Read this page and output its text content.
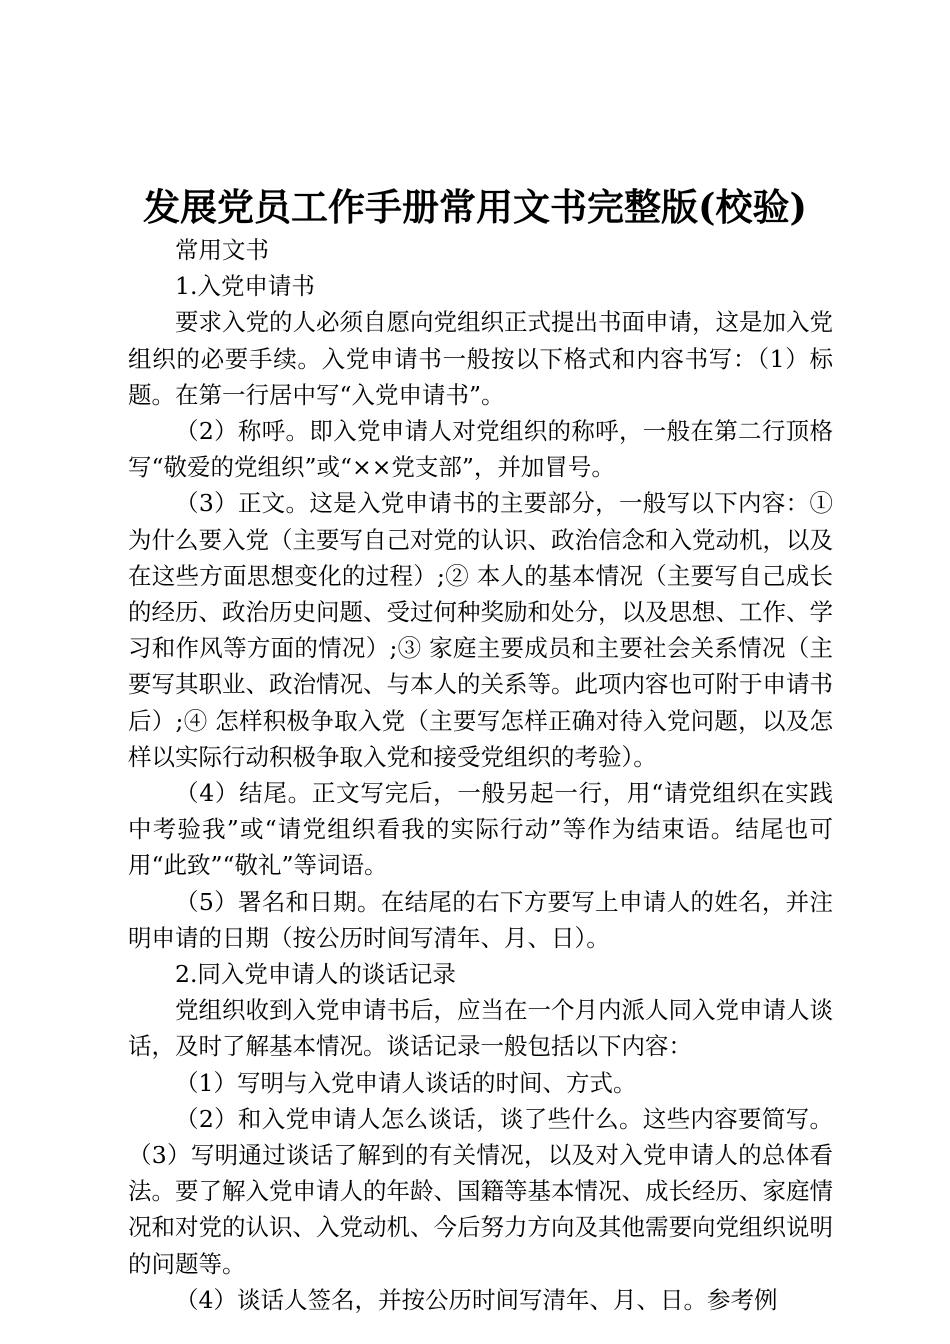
发展党员工作手册常用文书完整版(校验)

常用文书

1.入党申请书

要求入党的人必须自愿向党组织正式提出书面申请，这是加入党组织的必要手续。入党申请书一般按以下格式和内容书写：（1）标题。在第一行居中写“入党申请书”。

（2）称呼。即入党申请人对党组织的称呼，一般在第二行顶格写“敬爱的党组织”或“××党支部”，并加冒号。

（3）正文。这是入党申请书的主要部分，一般写以下内容：①为什么要入党（主要写自己对党的认识、政治信念和入党动机，以及在这些方面思想变化的过程）;② 本人的基本情况（主要写自己成长的经历、政治历史问题、受过何种奖励和处分，以及思想、工作、学习和作风等方面的情况）;③ 家庭主要成员和主要社会关系情况（主要写其职业、政治情况、与本人的关系等。此项内容也可附于申请书后）;④ 怎样积极争取入党（主要写怎样正确对待入党问题，以及怎样以实际行动积极争取入党和接受党组织的考验）。

（4）结尾。正文写完后，一般另起一行，用“请党组织在实践中考验我”或“请党组织看我的实际行动”等作为结束语。结尾也可用“此致”“敬礼”等词语。

（5）署名和日期。在结尾的右下方要写上申请人的姓名，并注明申请的日期（按公历时间写清年、月、日）。

2.同入党申请人的谈话记录

党组织收到入党申请书后，应当在一个月内派人同入党申请人谈话，及时了解基本情况。谈话记录一般包括以下内容：

（1）写明与入党申请人谈话的时间、方式。

（2）和入党申请人怎么谈话，谈了些什么。这些内容要简写。（3）写明通过谈话了解到的有关情况，以及对入党申请人的总体看法。要了解入党申请人的年龄、国籍等基本情况、成长经历、家庭情况和对党的认识、入党动机、今后努力方向及其他需要向党组织说明的问题等。

（4）谈话人签名，并按公历时间写清年、月、日。参考例
